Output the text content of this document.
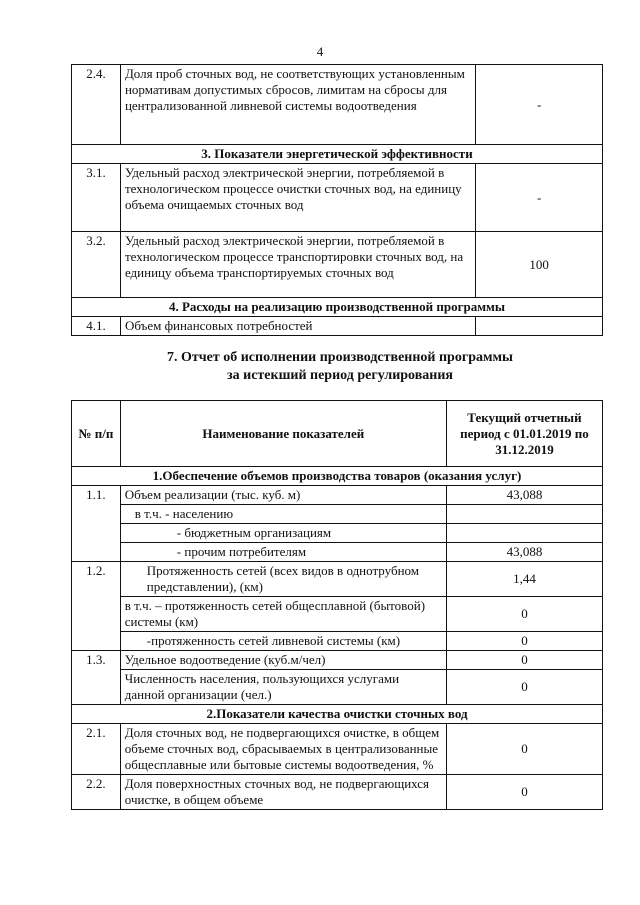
4
2.4.	Доля проб сточных вод, не соответствующих установленным нормативам допустимых сбросов, лимитам на сбросы для централизованной ливневой системы водоотведения	-
3. Показатели энергетической эффективности		
3.1.	Удельный расход электрической энергии, потребляемой в технологическом процессе очистки сточных вод, на единицу объема очищаемых сточных вод	-
3.2.	Удельный расход электрической энергии, потребляемой в технологическом процессе транспортировки сточных вод, на единицу объема транспортируемых сточных вод	100
4. Расходы на реализацию производственной программы		
4.1.	Объем финансовых потребностей	
7. Отчет об исполнении производственной программы
за истекший период регулирования
№ п/п	Наименование показателей	Текущий отчетный период с 01.01.2019 по 31.12.2019
1.Обеспечение объемов производства товаров (оказания услуг)		
1.1.	Объем реализации (тыс. куб. м)	43,088
	в т.ч. - населению	
	- бюджетным организациям	
	- прочим потребителям	43,088
1.2.	Протяженность сетей (всех видов в однотрубном представлении), (км)	1,44
	в т.ч. – протяженность сетей общесплавной (бытовой) системы (км)	0
	-протяженность сетей ливневой системы (км)	0
1.3.	Удельное водоотведение (куб.м/чел)	0
	Численность населения, пользующихся услугами данной организации (чел.)	0
2.Показатели качества очистки сточных вод		
2.1.	Доля сточных вод, не подвергающихся очистке, в общем объеме сточных вод, сбрасываемых в централизованные общесплавные или бытовые системы водоотведения, %	0
2.2.	Доля поверхностных сточных вод, не подвергающихся очистке, в общем объеме	0
